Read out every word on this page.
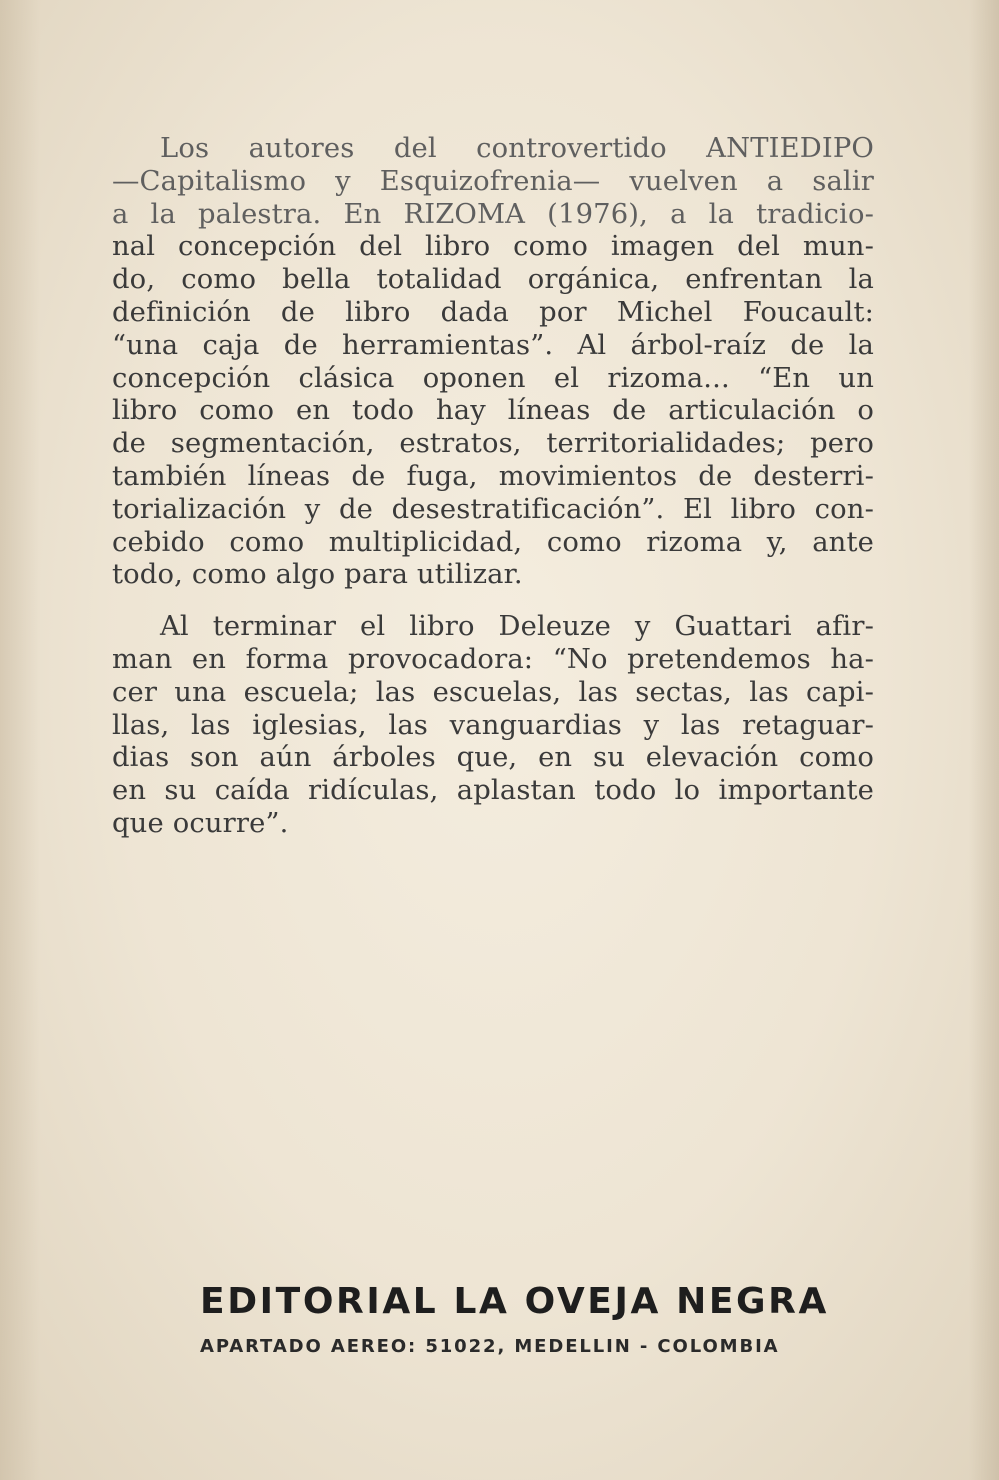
Los autores del controvertido ANTIEDIPO
—Capitalismo y Esquizofrenia— vuelven a salir
a la palestra. En RIZOMA (1976), a la tradicio-
nal concepción del libro como imagen del mun-
do, como bella totalidad orgánica, enfrentan la
definición de libro dada por Michel Foucault:
“una caja de herramientas”. Al árbol-raíz de la
concepción clásica oponen el rizoma... “En un
libro como en todo hay líneas de articulación o
de segmentación, estratos, territorialidades; pero
también líneas de fuga, movimientos de desterri-
torialización y de desestratificación”. El libro con-
cebido como multiplicidad, como rizoma y, ante
todo, como algo para utilizar.

Al terminar el libro Deleuze y Guattari afir-
man en forma provocadora: “No pretendemos ha-
cer una escuela; las escuelas, las sectas, las capi-
llas, las iglesias, las vanguardias y las retaguar-
dias son aún árboles que, en su elevación como
en su caída ridículas, aplastan todo lo importante
que ocurre”.

EDITORIAL LA OVEJA NEGRA
APARTADO AEREO: 51022, MEDELLIN - COLOMBIA
